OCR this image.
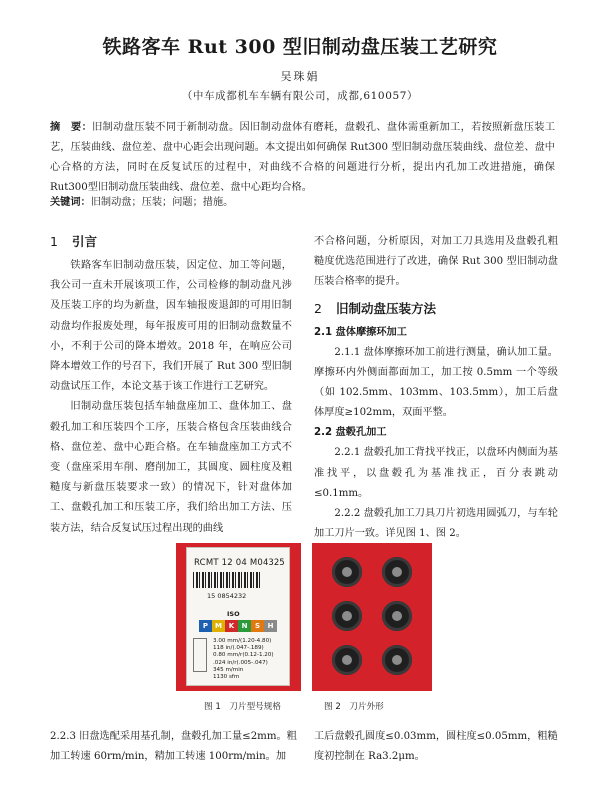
铁路客车 Rut 300 型旧制动盘压装工艺研究
吴珠娟
（中车成都机车车辆有限公司，成都,610057）
摘　要：旧制动盘压装不同于新制动盘。因旧制动盘体有磨耗，盘毂孔、盘体需重新加工，若按照新盘压装工艺，压装曲线、盘位差、盘中心距会出现问题。本文提出如何确保 Rut300 型旧制动盘压装曲线、盘位差、盘中心合格的方法，同时在反复试压的过程中，对曲线不合格的问题进行分析，提出内孔加工改进措施，确保Rut300型旧制动盘压装曲线、盘位差、盘中心距均合格。
关键词：旧制动盘；压装；问题；措施。
1 引言

铁路客车旧制动盘压装，因定位、加工等问题，我公司一直未开展该项工作，公司检修的制动盘凡涉及压装工序的均为新盘，因车轴报废退卸的可用旧制动盘均作报废处理，每年报废可用的旧制动盘数量不小，不利于公司的降本增效。2018 年，在响应公司降本增效工作的号召下，我们开展了 Rut 300 型旧制动盘试压工作，本论文基于该工作进行工艺研究。

旧制动盘压装包括车轴盘座加工、盘体加工、盘毂孔加工和压装四个工序，压装合格包含压装曲线合格、盘位差、盘中心距合格。在车轴盘座加工方式不变（盘座采用车削、磨削加工，其圆度、圆柱度及粗糙度与新盘压装要求一致）的情况下，针对盘体加工、盘毂孔加工和压装工序，我们给出加工方法、压装方法，结合反复试压过程出现的曲线

不合格问题，分析原因，对加工刀具选用及盘毂孔粗糙度优选范围进行了改进，确保 Rut 300 型旧制动盘压装合格率的提升。

2 旧制动盘压装方法
2.1 盘体摩擦环加工

2.1.1 盘体摩擦环加工前进行测量，确认加工量。摩擦环内外侧面都面加工，加工按 0.5mm 一个等级（如 102.5mm、103mm、103.5mm），加工后盘体厚度≥102mm，双面平整。

2.2 盘毂孔加工

2.2.1 盘毂孔加工背找平找正，以盘环内侧面为基准找平，以盘毂孔为基准找正，百分表跳动≤0.1mm。

2.2.2 盘毂孔加工刀具刀片初选用圆弧刀，与车轮加工刀片一致。详见图 1、图 2。

RCMT 12 04 M0 4325
15 0854232
ISO
P M K	N	S	H
3.00 mm/(1.20-4.80)
118 in/(.047-.189)
0.80 mm/r(0.12-1.20)
.024 in/r(.005-.047)
345 m/min
1130 sfm
图 1　刀片型号规格	图 2　刀片外形
2.2.3 旧盘选配采用基孔制，盘毂孔加工量≤2mm。粗加工转速 60rm/min，精加工转速 100rm/min。加
工后盘毂孔圆度≤0.03mm，圆柱度≤0.05mm，粗糙度初控制在 Ra3.2μm。
